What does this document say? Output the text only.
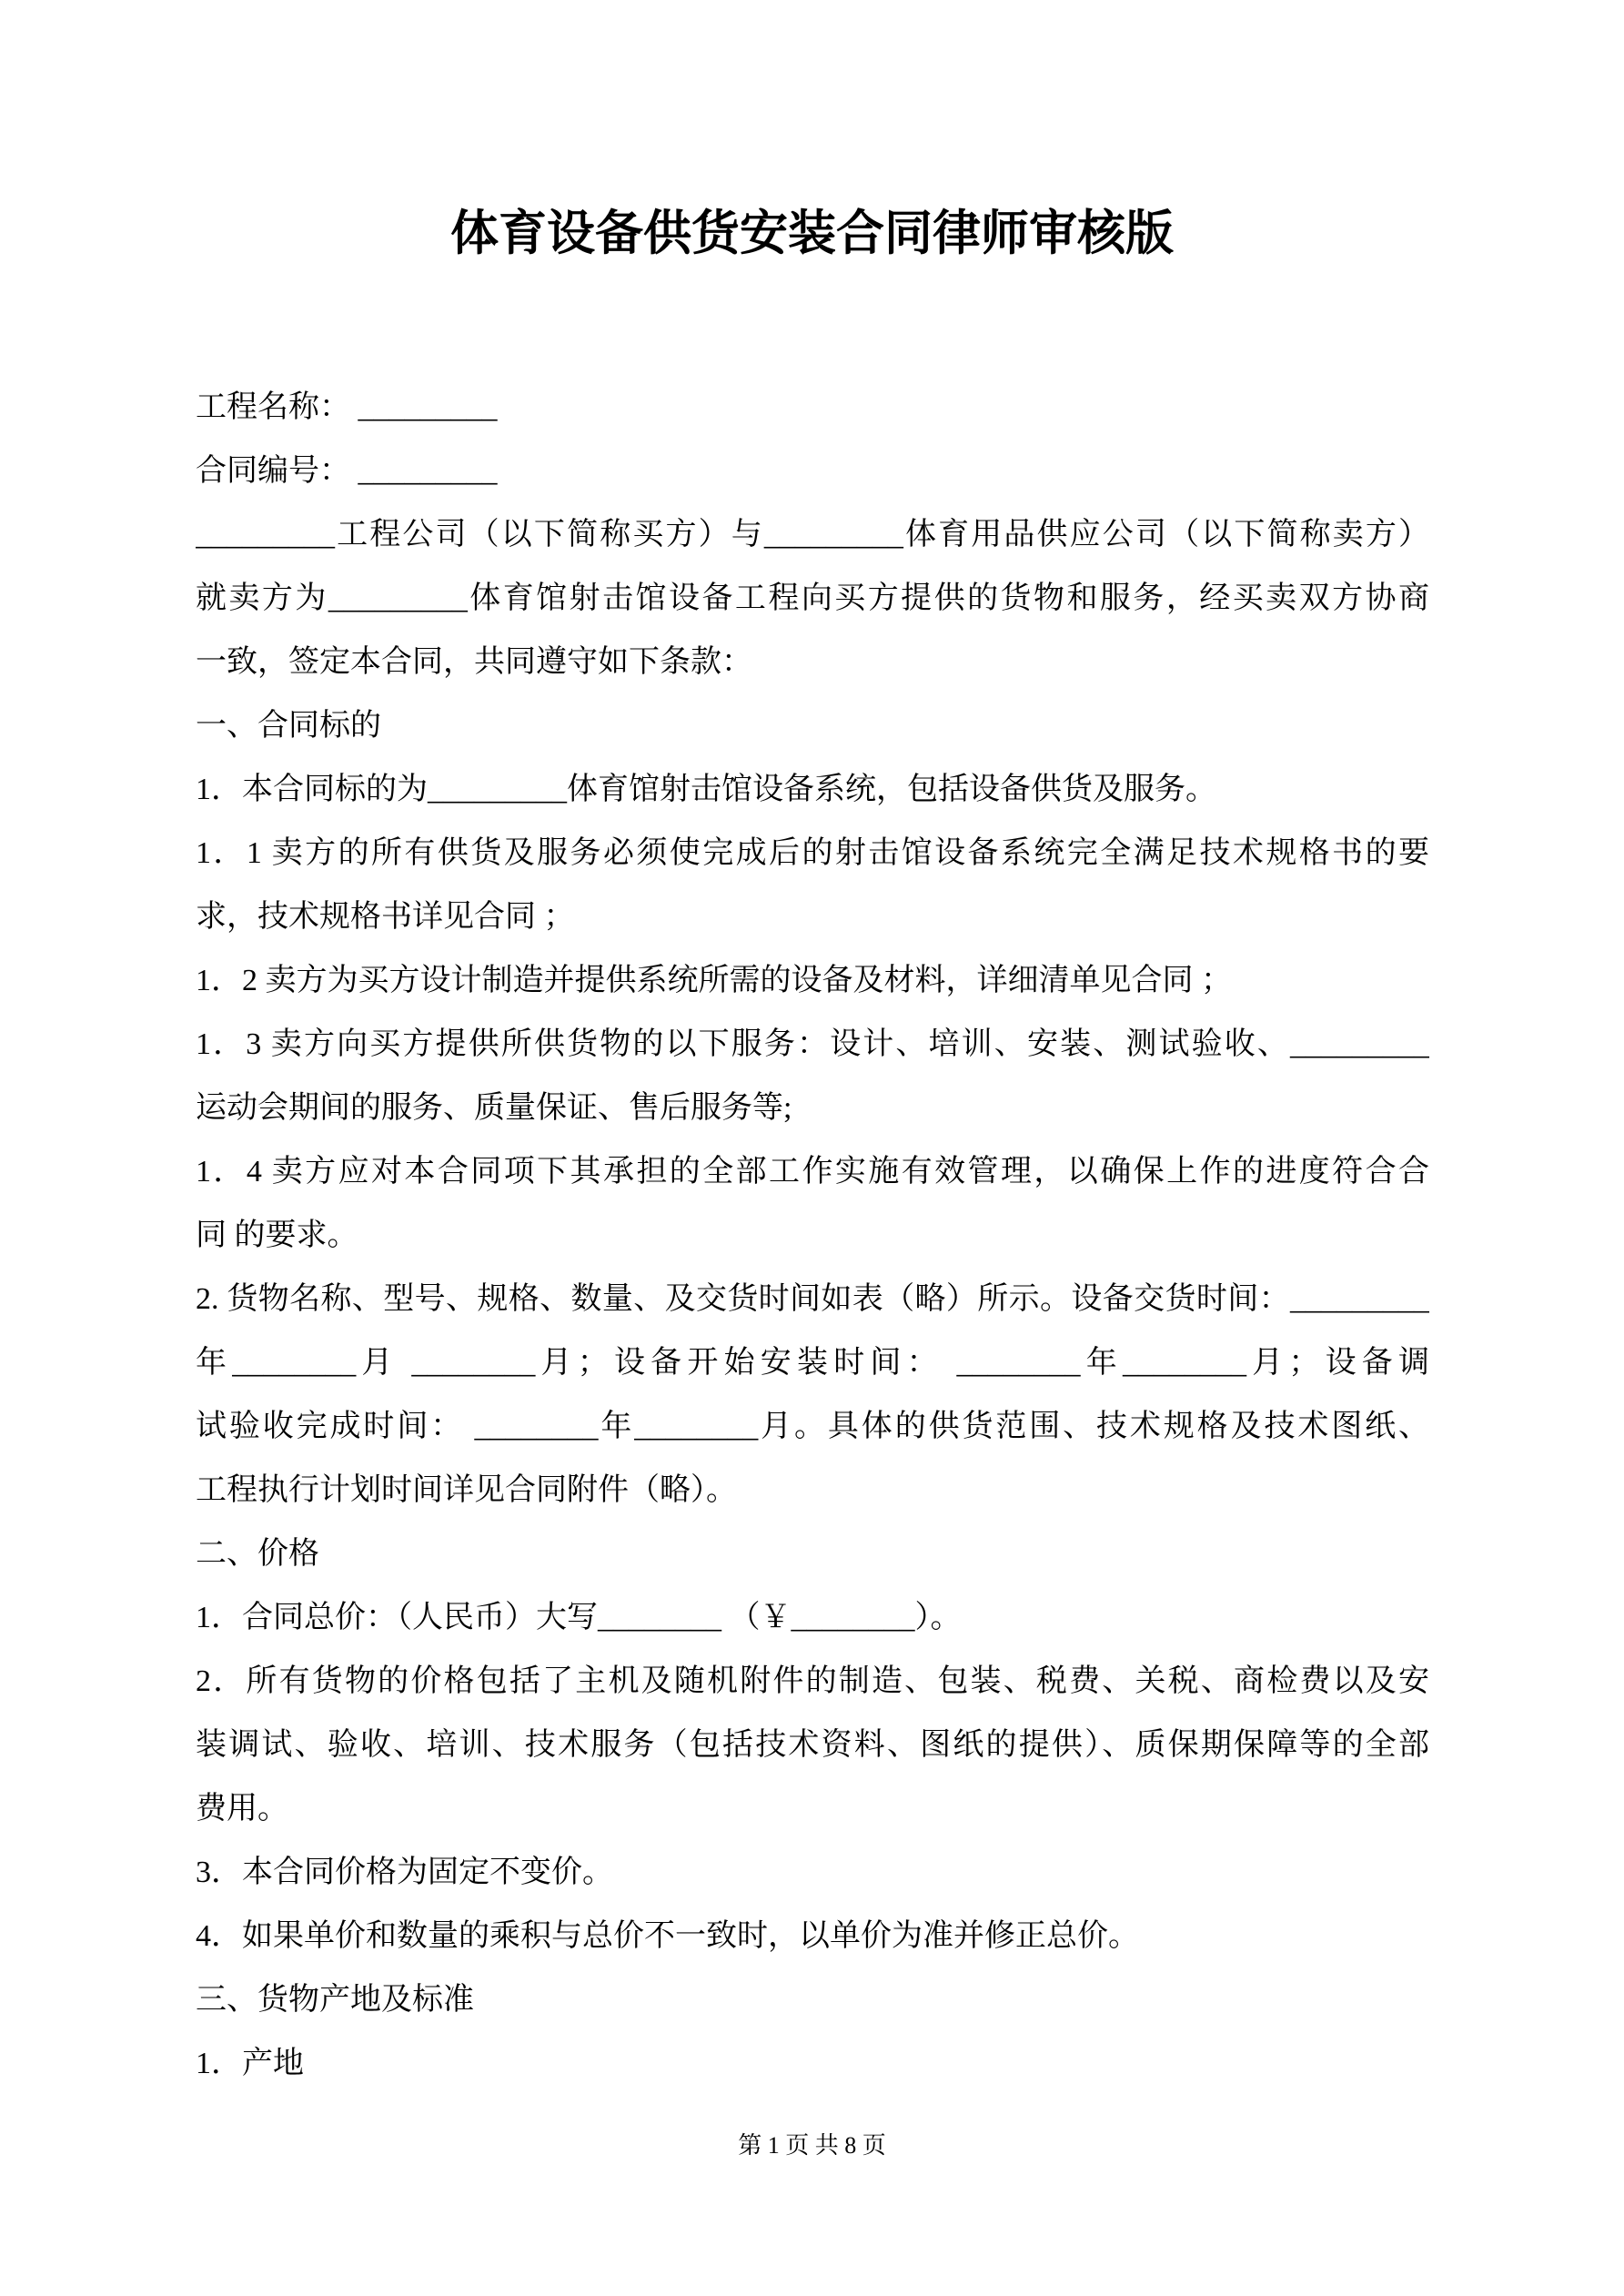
体育设备供货安装合同律师审核版
工程名称： _________
合同编号： _________
_________工程公司（以下简称买方）与_________体育用品供应公司（以下简称卖方）
就卖方为_________体育馆射击馆设备工程向买方提供的货物和服务，经买卖双方协商
一致，签定本合同，共同遵守如下条款：
一、合同标的
1．本合同标的为_________体育馆射击馆设备系统，包括设备供货及服务。
1．1 卖方的所有供货及服务必须使完成后的射击馆设备系统完全满足技术规格书的要
求，技术规格书详见合同 ；
1．2 卖方为买方设计制造并提供系统所需的设备及材料，详细清单见合同 ；
1．3 卖方向买方提供所供货物的以下服务：设计、培训、安装、测试验收、_________
运动会期间的服务、质量保证、售后服务等;
1．4 卖方应对本合同项下其承担的全部工作实施有效管理，以确保上作的进度符合合
同 的要求。
2. 货物名称、型号、规格、数量、及交货时间如表（略）所示。设备交货时间：_________
年________月 ________月；设备开始安装时间： ________年________月；设备调
试验收完成时间： ________年________月。具体的供货范围、技术规格及技术图纸、
工程执行计划时间详见合同附件（略）。
二、价格
1．合同总价：（人民币）大写________ （￥________）。
2．所有货物的价格包括了主机及随机附件的制造、包装、税费、关税、商检费以及安
装调试、验收、培训、技术服务（包括技术资料、图纸的提供）、质保期保障等的全部
费用。
3．本合同价格为固定不变价。
4．如果单价和数量的乘积与总价不一致时，以单价为准并修正总价。
三、货物产地及标准
1．产地
第 1 页 共 8 页
